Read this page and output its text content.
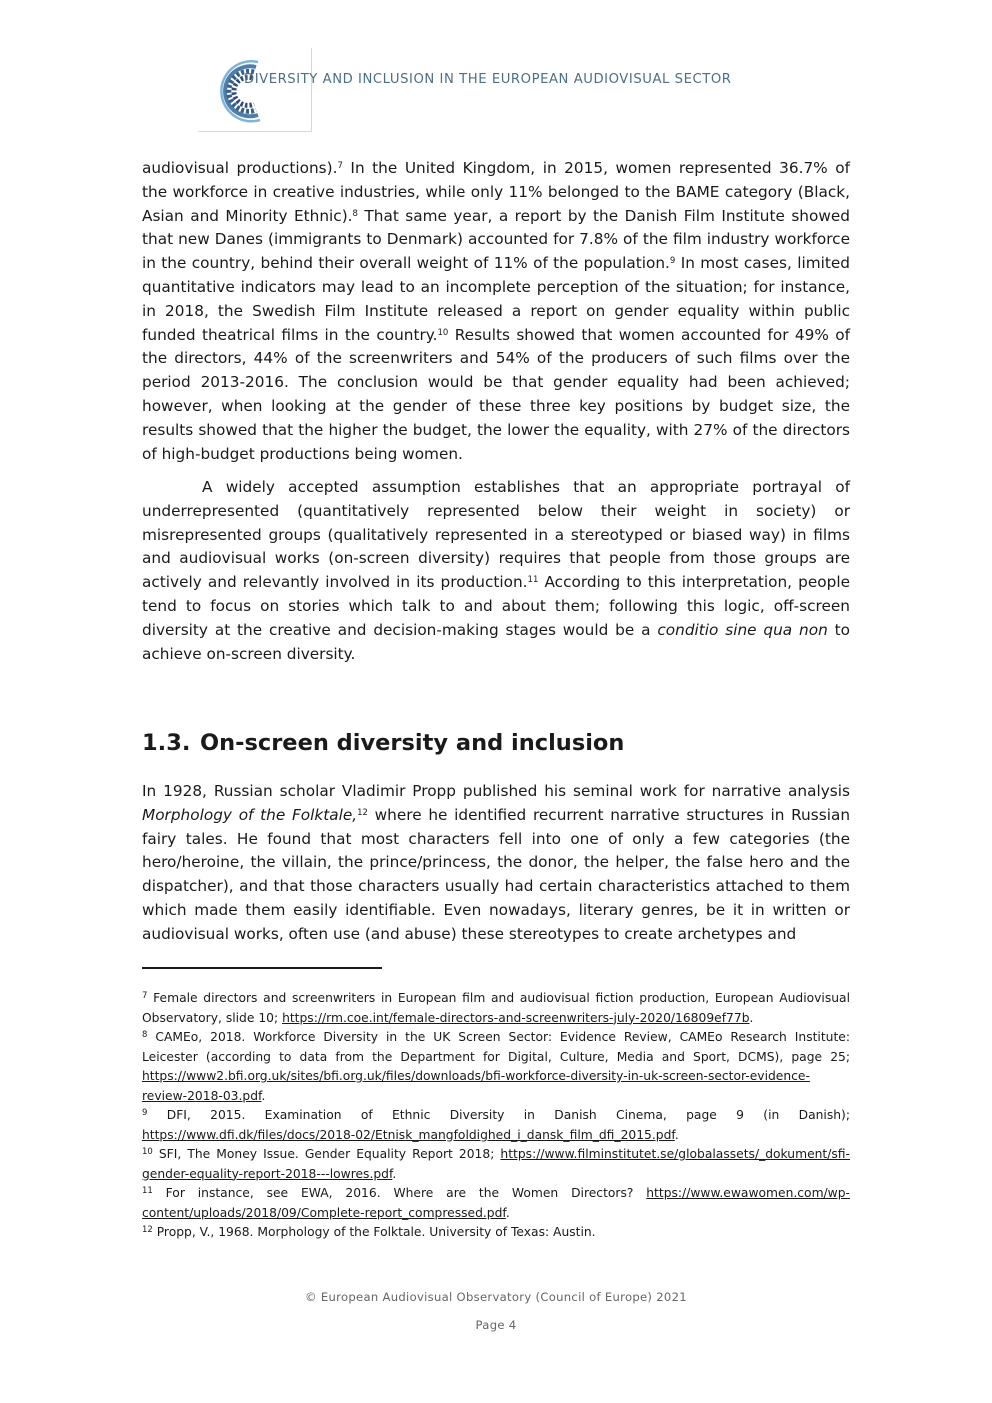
DIVERSITY AND INCLUSION IN THE EUROPEAN AUDIOVISUAL SECTOR

audiovisual productions).$^7$ In the United Kingdom, in 2015, women represented 36.7% of the workforce in creative industries, while only 11% belonged to the BAME category (Black, Asian and Minority Ethnic).$^8$ That same year, a report by the Danish Film Institute showed that new Danes (immigrants to Denmark) accounted for 7.8% of the film industry workforce in the country, behind their overall weight of 11% of the population.$^9$ In most cases, limited quantitative indicators may lead to an incomplete perception of the situation; for instance, in 2018, the Swedish Film Institute released a report on gender equality within public funded theatrical films in the country.$^{10}$ Results showed that women accounted for 49% of the directors, 44% of the screenwriters and 54% of the producers of such films over the period 2013-2016. The conclusion would be that gender equality had been achieved; however, when looking at the gender of these three key positions by budget size, the results showed that the higher the budget, the lower the equality, with 27% of the directors of high-budget productions being women.

A widely accepted assumption establishes that an appropriate portrayal of underrepresented (quantitatively represented below their weight in society) or misrepresented groups (qualitatively represented in a stereotyped or biased way) in films and audiovisual works (on-screen diversity) requires that people from those groups are actively and relevantly involved in its production.$^{11}$ According to this interpretation, people tend to focus on stories which talk to and about them; following this logic, off-screen diversity at the creative and decision-making stages would be a conditio sine qua non to achieve on-screen diversity.

1.3. On-screen diversity and inclusion

In 1928, Russian scholar Vladimir Propp published his seminal work for narrative analysis Morphology of the Folktale,$^{12}$ where he identified recurrent narrative structures in Russian fairy tales. He found that most characters fell into one of only a few categories (the hero/heroine, the villain, the prince/princess, the donor, the helper, the false hero and the dispatcher), and that those characters usually had certain characteristics attached to them which made them easily identifiable. Even nowadays, literary genres, be it in written or audiovisual works, often use (and abuse) these stereotypes to create archetypes and

$^7$ Female directors and screenwriters in European film and audiovisual fiction production, European Audiovisual Observatory, slide 10; https://rm.coe.int/female-directors-and-screenwriters-july-2020/16809ef77b.

$^8$ CAMEo, 2018. Workforce Diversity in the UK Screen Sector: Evidence Review, CAMEo Research Institute: Leicester (according to data from the Department for Digital, Culture, Media and Sport, DCMS), page 25; https://www2.bfi.org.uk/sites/bfi.org.uk/files/downloads/bfi-workforce-diversity-in-uk-screen-sector-evidence-review-2018-03.pdf.

$^9$ DFI, 2015. Examination of Ethnic Diversity in Danish Cinema, page 9 (in Danish); https://www.dfi.dk/files/docs/2018-02/Etnisk_mangfoldighed_i_dansk_film_dfi_2015.pdf.

$^{10}$ SFI, The Money Issue. Gender Equality Report 2018; https://www.filminstitutet.se/globalassets/_dokument/sfi-gender-equality-report-2018---lowres.pdf.

$^{11}$ For instance, see EWA, 2016. Where are the Women Directors? https://www.ewawomen.com/wp-content/uploads/2018/09/Complete-report_compressed.pdf.

$^{12}$ Propp, V., 1968. Morphology of the Folktale. University of Texas: Austin.

© European Audiovisual Observatory (Council of Europe) 2021
Page 4
